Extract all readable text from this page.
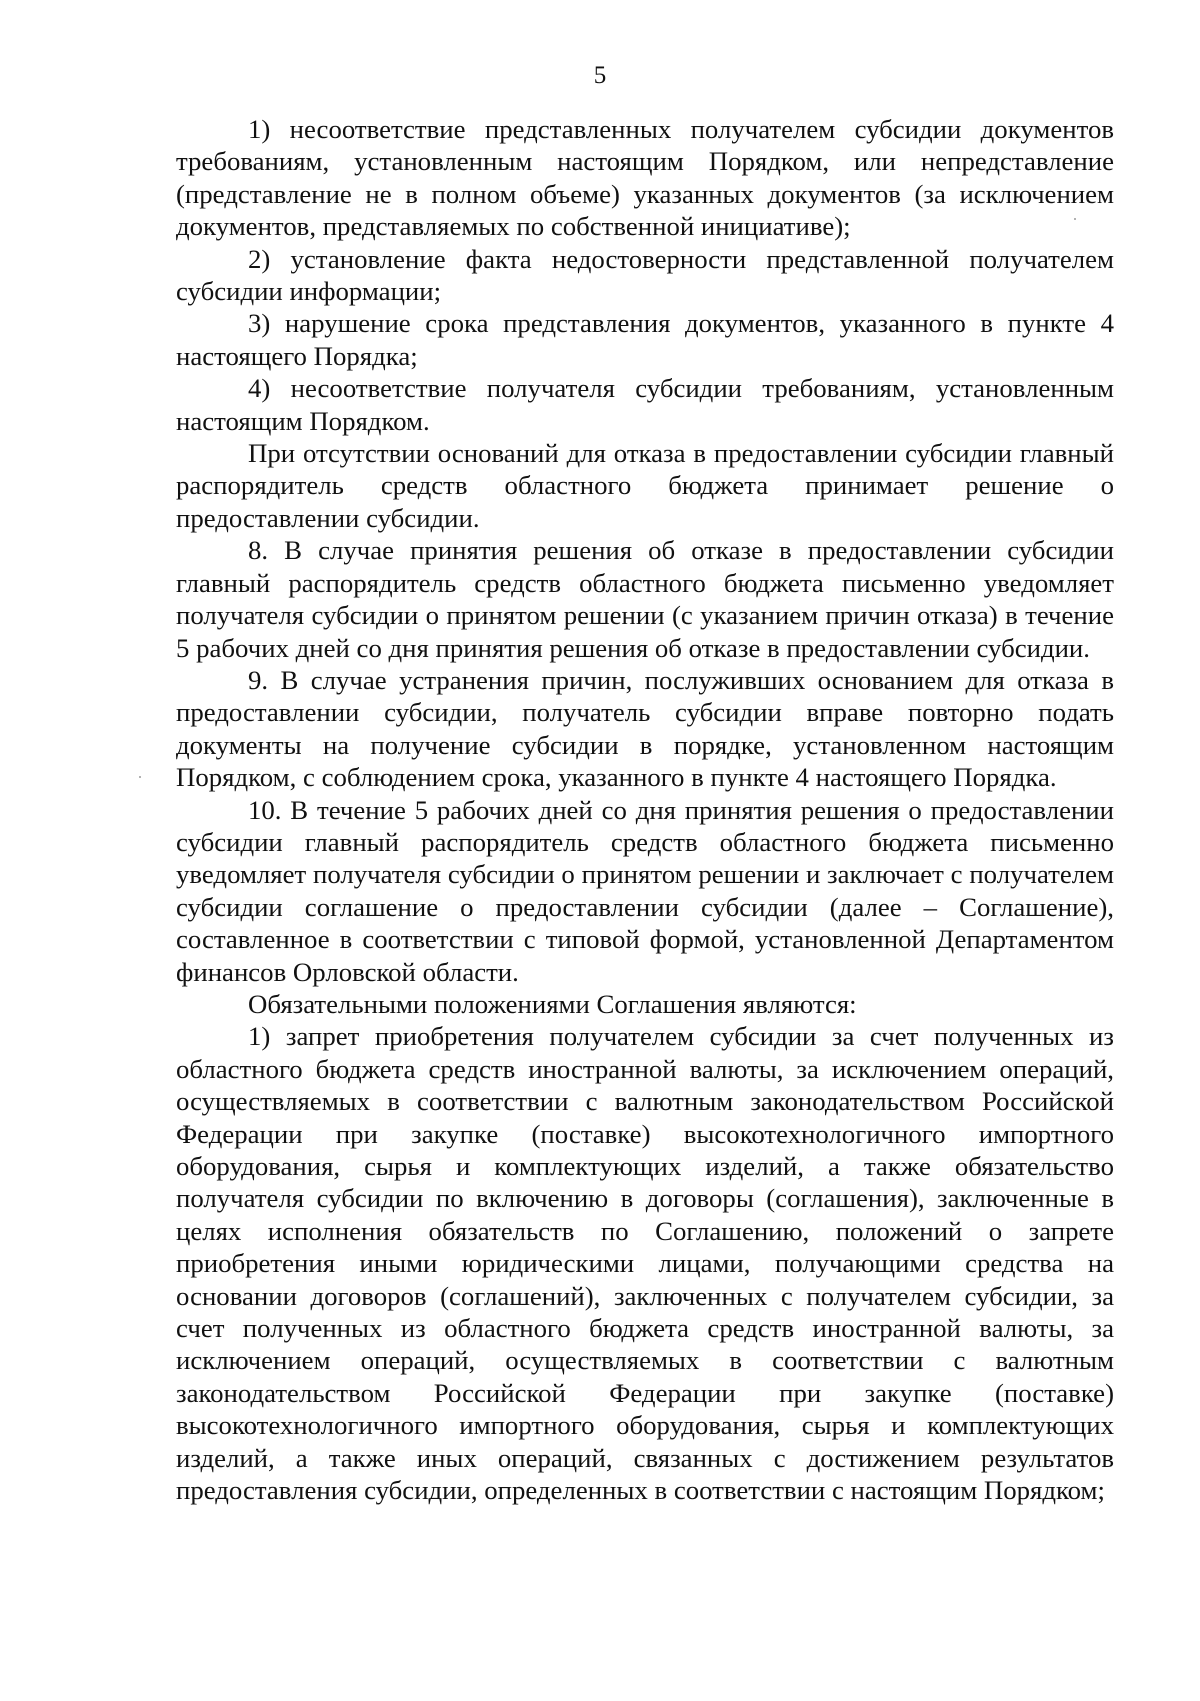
5

1) несоответствие представленных получателем субсидии документов требованиям, установленным настоящим Порядком, или непредставление (представление не в полном объеме) указанных документов (за исключением документов, представляемых по собственной инициативе);

2) установление факта недостоверности представленной получателем субсидии информации;

3) нарушение срока представления документов, указанного в пункте 4 настоящего Порядка;

4) несоответствие получателя субсидии требованиям, установленным настоящим Порядком.

При отсутствии оснований для отказа в предоставлении субсидии главный распорядитель средств областного бюджета принимает решение о предоставлении субсидии.

8. В случае принятия решения об отказе в предоставлении субсидии главный распорядитель средств областного бюджета письменно уведомляет получателя субсидии о принятом решении (с указанием причин отказа) в течение 5 рабочих дней со дня принятия решения об отказе в предоставлении субсидии.

9. В случае устранения причин, послуживших основанием для отказа в предоставлении субсидии, получатель субсидии вправе повторно подать документы на получение субсидии в порядке, установленном настоящим Порядком, с соблюдением срока, указанного в пункте 4 настоящего Порядка.

10. В течение 5 рабочих дней со дня принятия решения о предоставлении субсидии главный распорядитель средств областного бюджета письменно уведомляет получателя субсидии о принятом решении и заключает с получателем субсидии соглашение о предоставлении субсидии (далее – Соглашение), составленное в соответствии с типовой формой, установленной Департаментом финансов Орловской области.

Обязательными положениями Соглашения являются:

1) запрет приобретения получателем субсидии за счет полученных из областного бюджета средств иностранной валюты, за исключением операций, осуществляемых в соответствии с валютным законодательством Российской Федерации при закупке (поставке) высокотехнологичного импортного оборудования, сырья и комплектующих изделий, а также обязательство получателя субсидии по включению в договоры (соглашения), заключенные в целях исполнения обязательств по Соглашению, положений о запрете приобретения иными юридическими лицами, получающими средства на основании договоров (соглашений), заключенных с получателем субсидии, за счет полученных из областного бюджета средств иностранной валюты, за исключением операций, осуществляемых в соответствии с валютным законодательством Российской Федерации при закупке (поставке) высокотехнологичного импортного оборудования, сырья и комплектующих изделий, а также иных операций, связанных с достижением результатов предоставления субсидии, определенных в соответствии с настоящим Порядком;
